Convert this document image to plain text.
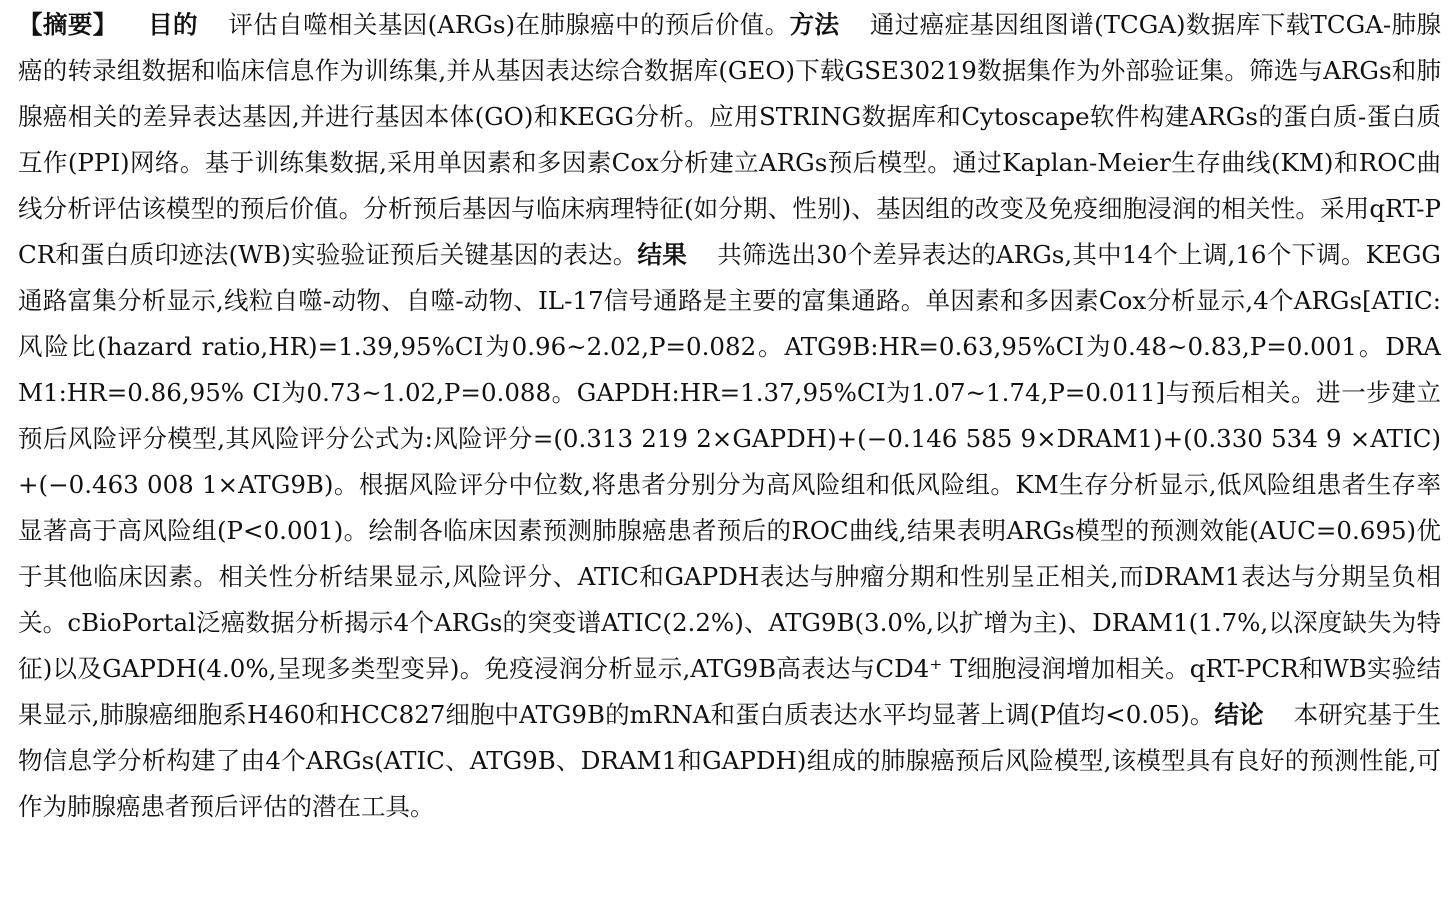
【摘要】 目的 评估自噬相关基因(ARGs)在肺腺癌中的预后价值。方法 通过癌症基因组图谱(TCGA)数据库下载TCGA-肺腺癌的转录组数据和临床信息作为训练集,并从基因表达综合数据库(GEO)下载GSE30219数据集作为外部验证集。筛选与ARGs和肺腺癌相关的差异表达基因,并进行基因本体(GO)和KEGG分析。应用STRING数据库和Cytoscape软件构建ARGs的蛋白质-蛋白质互作(PPI)网络。基于训练集数据,采用单因素和多因素Cox分析建立ARGs预后模型。通过Kaplan-Meier生存曲线(KM)和ROC曲线分析评估该模型的预后价值。分析预后基因与临床病理特征(如分期、性别)、基因组的改变及免疫细胞浸润的相关性。采用qRT-PCR和蛋白质印迹法(WB)实验验证预后关键基因的表达。结果 共筛选出30个差异表达的ARGs,其中14个上调,16个下调。KEGG通路富集分析显示,线粒自噬-动物、自噬-动物、IL-17信号通路是主要的富集通路。单因素和多因素Cox分析显示,4个ARGs[ATIC:风险比(hazard ratio,HR)=1.39,95%CI为0.96~2.02,P=0.082。ATG9B:HR=0.63,95%CI为0.48~0.83,P=0.001。DRAM1:HR=0.86,95% CI为0.73~1.02,P=0.088。GAPDH:HR=1.37,95%CI为1.07~1.74,P=0.011]与预后相关。进一步建立预后风险评分模型,其风险评分公式为:风险评分=(0.313 219 2×GAPDH)+(−0.146 585 9×DRAM1)+(0.330 534 9 ×ATIC)+(−0.463 008 1×ATG9B)。根据风险评分中位数,将患者分别分为高风险组和低风险组。KM生存分析显示,低风险组患者生存率显著高于高风险组(P<0.001)。绘制各临床因素预测肺腺癌患者预后的ROC曲线,结果表明ARGs模型的预测效能(AUC=0.695)优于其他临床因素。相关性分析结果显示,风险评分、ATIC和GAPDH表达与肿瘤分期和性别呈正相关,而DRAM1表达与分期呈负相关。cBioPortal泛癌数据分析揭示4个ARGs的突变谱ATIC(2.2%)、ATG9B(3.0%,以扩增为主)、DRAM1(1.7%,以深度缺失为特征)以及GAPDH(4.0%,呈现多类型变异)。免疫浸润分析显示,ATG9B高表达与CD4⁺ T细胞浸润增加相关。qRT-PCR和WB实验结果显示,肺腺癌细胞系H460和HCC827细胞中ATG9B的mRNA和蛋白质表达水平均显著上调(P值均<0.05)。结论 本研究基于生物信息学分析构建了由4个ARGs(ATIC、ATG9B、DRAM1和GAPDH)组成的肺腺癌预后风险模型,该模型具有良好的预测性能,可作为肺腺癌患者预后评估的潜在工具。
